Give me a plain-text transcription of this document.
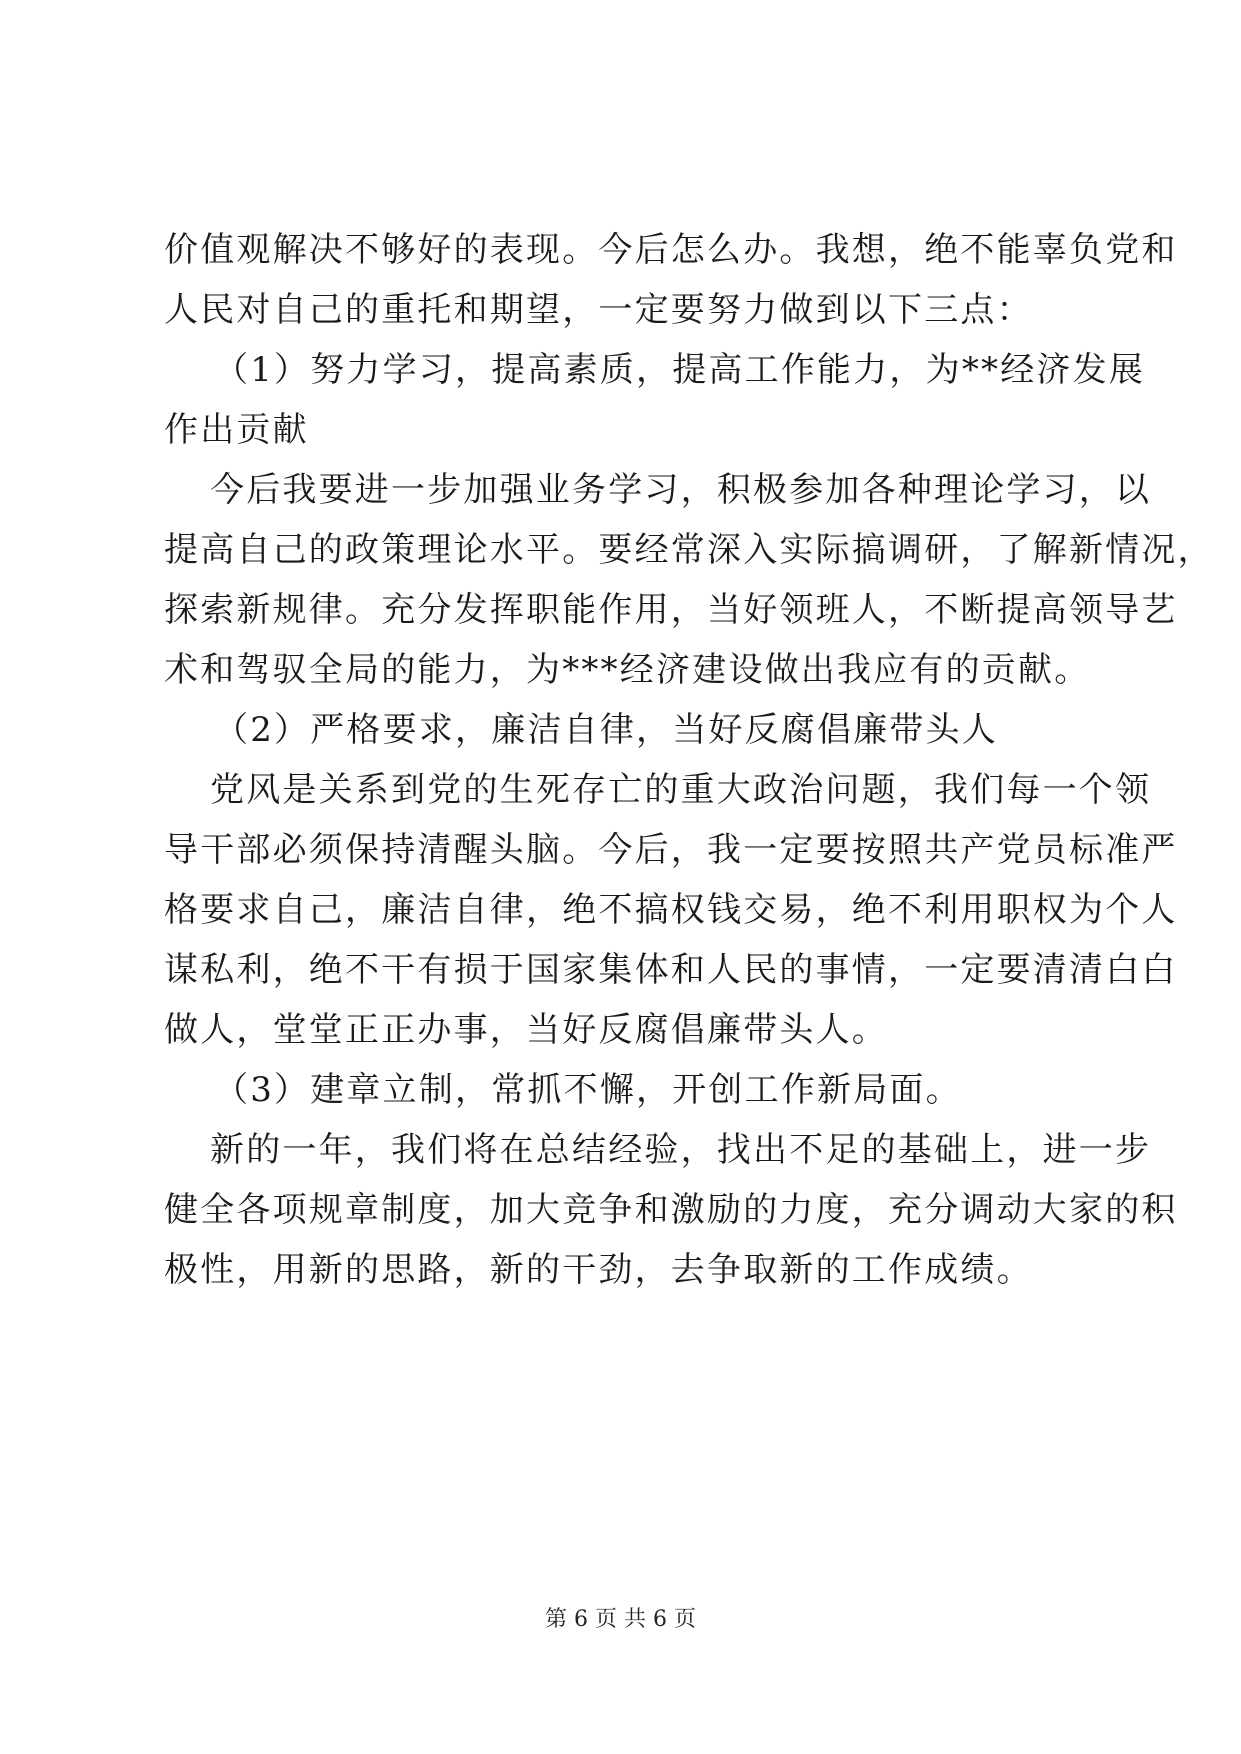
价值观解决不够好的表现。今后怎么办。我想，绝不能辜负党和
人民对自己的重托和期望，一定要努力做到以下三点：
（1）努力学习，提高素质，提高工作能力，为**经济发展
作出贡献
今后我要进一步加强业务学习，积极参加各种理论学习，以
提高自己的政策理论水平。要经常深入实际搞调研，了解新情况，
探索新规律。充分发挥职能作用，当好领班人，不断提高领导艺
术和驾驭全局的能力，为***经济建设做出我应有的贡献。
（2）严格要求，廉洁自律，当好反腐倡廉带头人
党风是关系到党的生死存亡的重大政治问题，我们每一个领
导干部必须保持清醒头脑。今后，我一定要按照共产党员标准严
格要求自己，廉洁自律，绝不搞权钱交易，绝不利用职权为个人
谋私利，绝不干有损于国家集体和人民的事情，一定要清清白白
做人，堂堂正正办事，当好反腐倡廉带头人。
（3）建章立制，常抓不懈，开创工作新局面。
新的一年，我们将在总结经验，找出不足的基础上，进一步
健全各项规章制度，加大竞争和激励的力度，充分调动大家的积
极性，用新的思路，新的干劲，去争取新的工作成绩。
第 6 页 共 6 页
